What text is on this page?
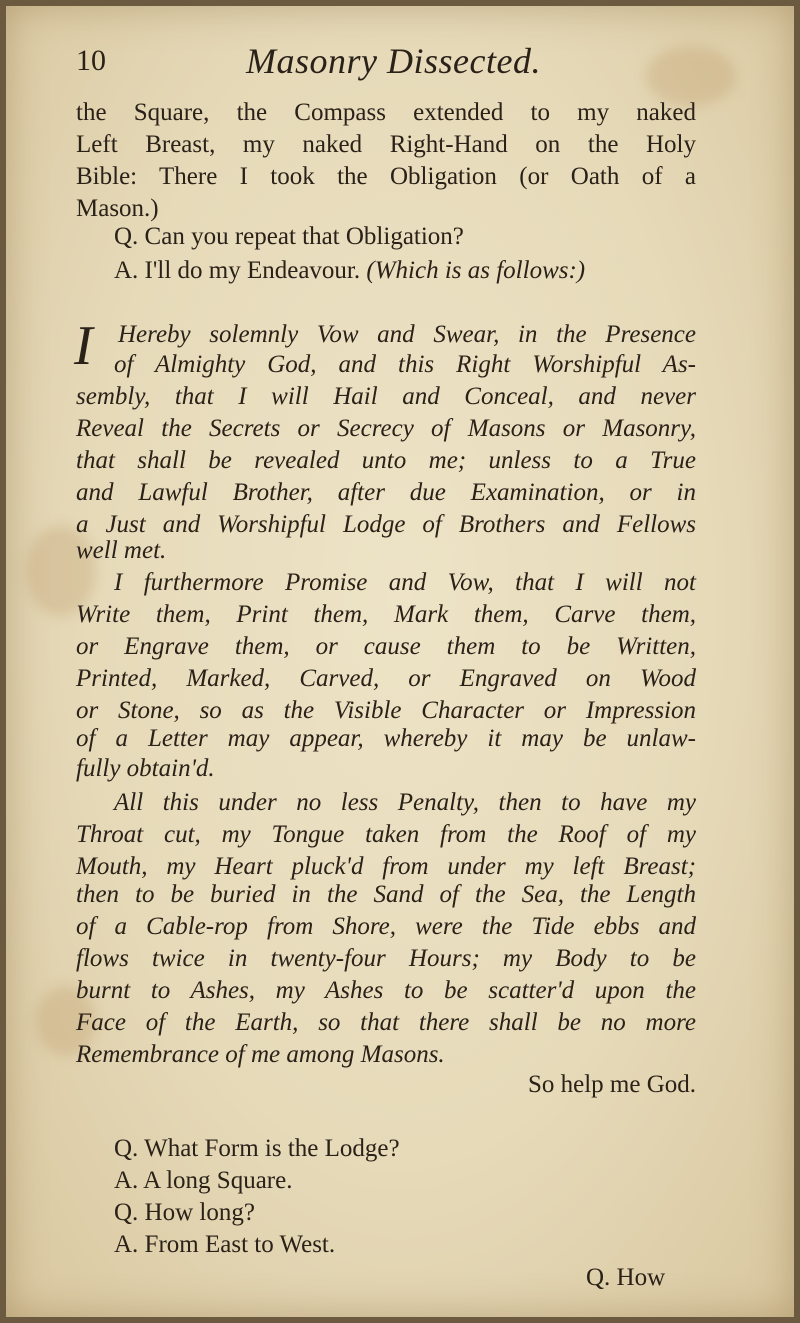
10	Masonry Dissected.
the Square, the Compass extended to my naked
Left Breast, my naked Right-Hand on the Holy
Bible: There I took the Obligation (or Oath of a
Mason.)
Q. Can you repeat that Obligation?
A. I'll do my Endeavour. (Which is as follows:)
I Hereby solemnly Vow and Swear, in the Presence
of Almighty God, and this Right Worshipful As-
sembly, that I will Hail and Conceal, and never
Reveal the Secrets or Secrecy of Masons or Masonry,
that shall be revealed unto me; unless to a True
and Lawful Brother, after due Examination, or in
a Just and Worshipful Lodge of Brothers and Fellows
well met.
I furthermore Promise and Vow, that I will not
Write them, Print them, Mark them, Carve them,
or Engrave them, or cause them to be Written,
Printed, Marked, Carved, or Engraved on Wood
or Stone, so as the Visible Character or Impression
of a Letter may appear, whereby it may be unlaw-
fully obtain'd.
All this under no less Penalty, then to have my
Throat cut, my Tongue taken from the Roof of my
Mouth, my Heart pluck'd from under my left Breast;
then to be buried in the Sand of the Sea, the Length
of a Cable-rop from Shore, were the Tide ebbs and
flows twice in twenty-four Hours; my Body to be
burnt to Ashes, my Ashes to be scatter'd upon the
Face of the Earth, so that there shall be no more
Remembrance of me among Masons.
So help me God.
Q. What Form is the Lodge?
A. A long Square.
Q. How long?
A. From East to West.
Q. How
